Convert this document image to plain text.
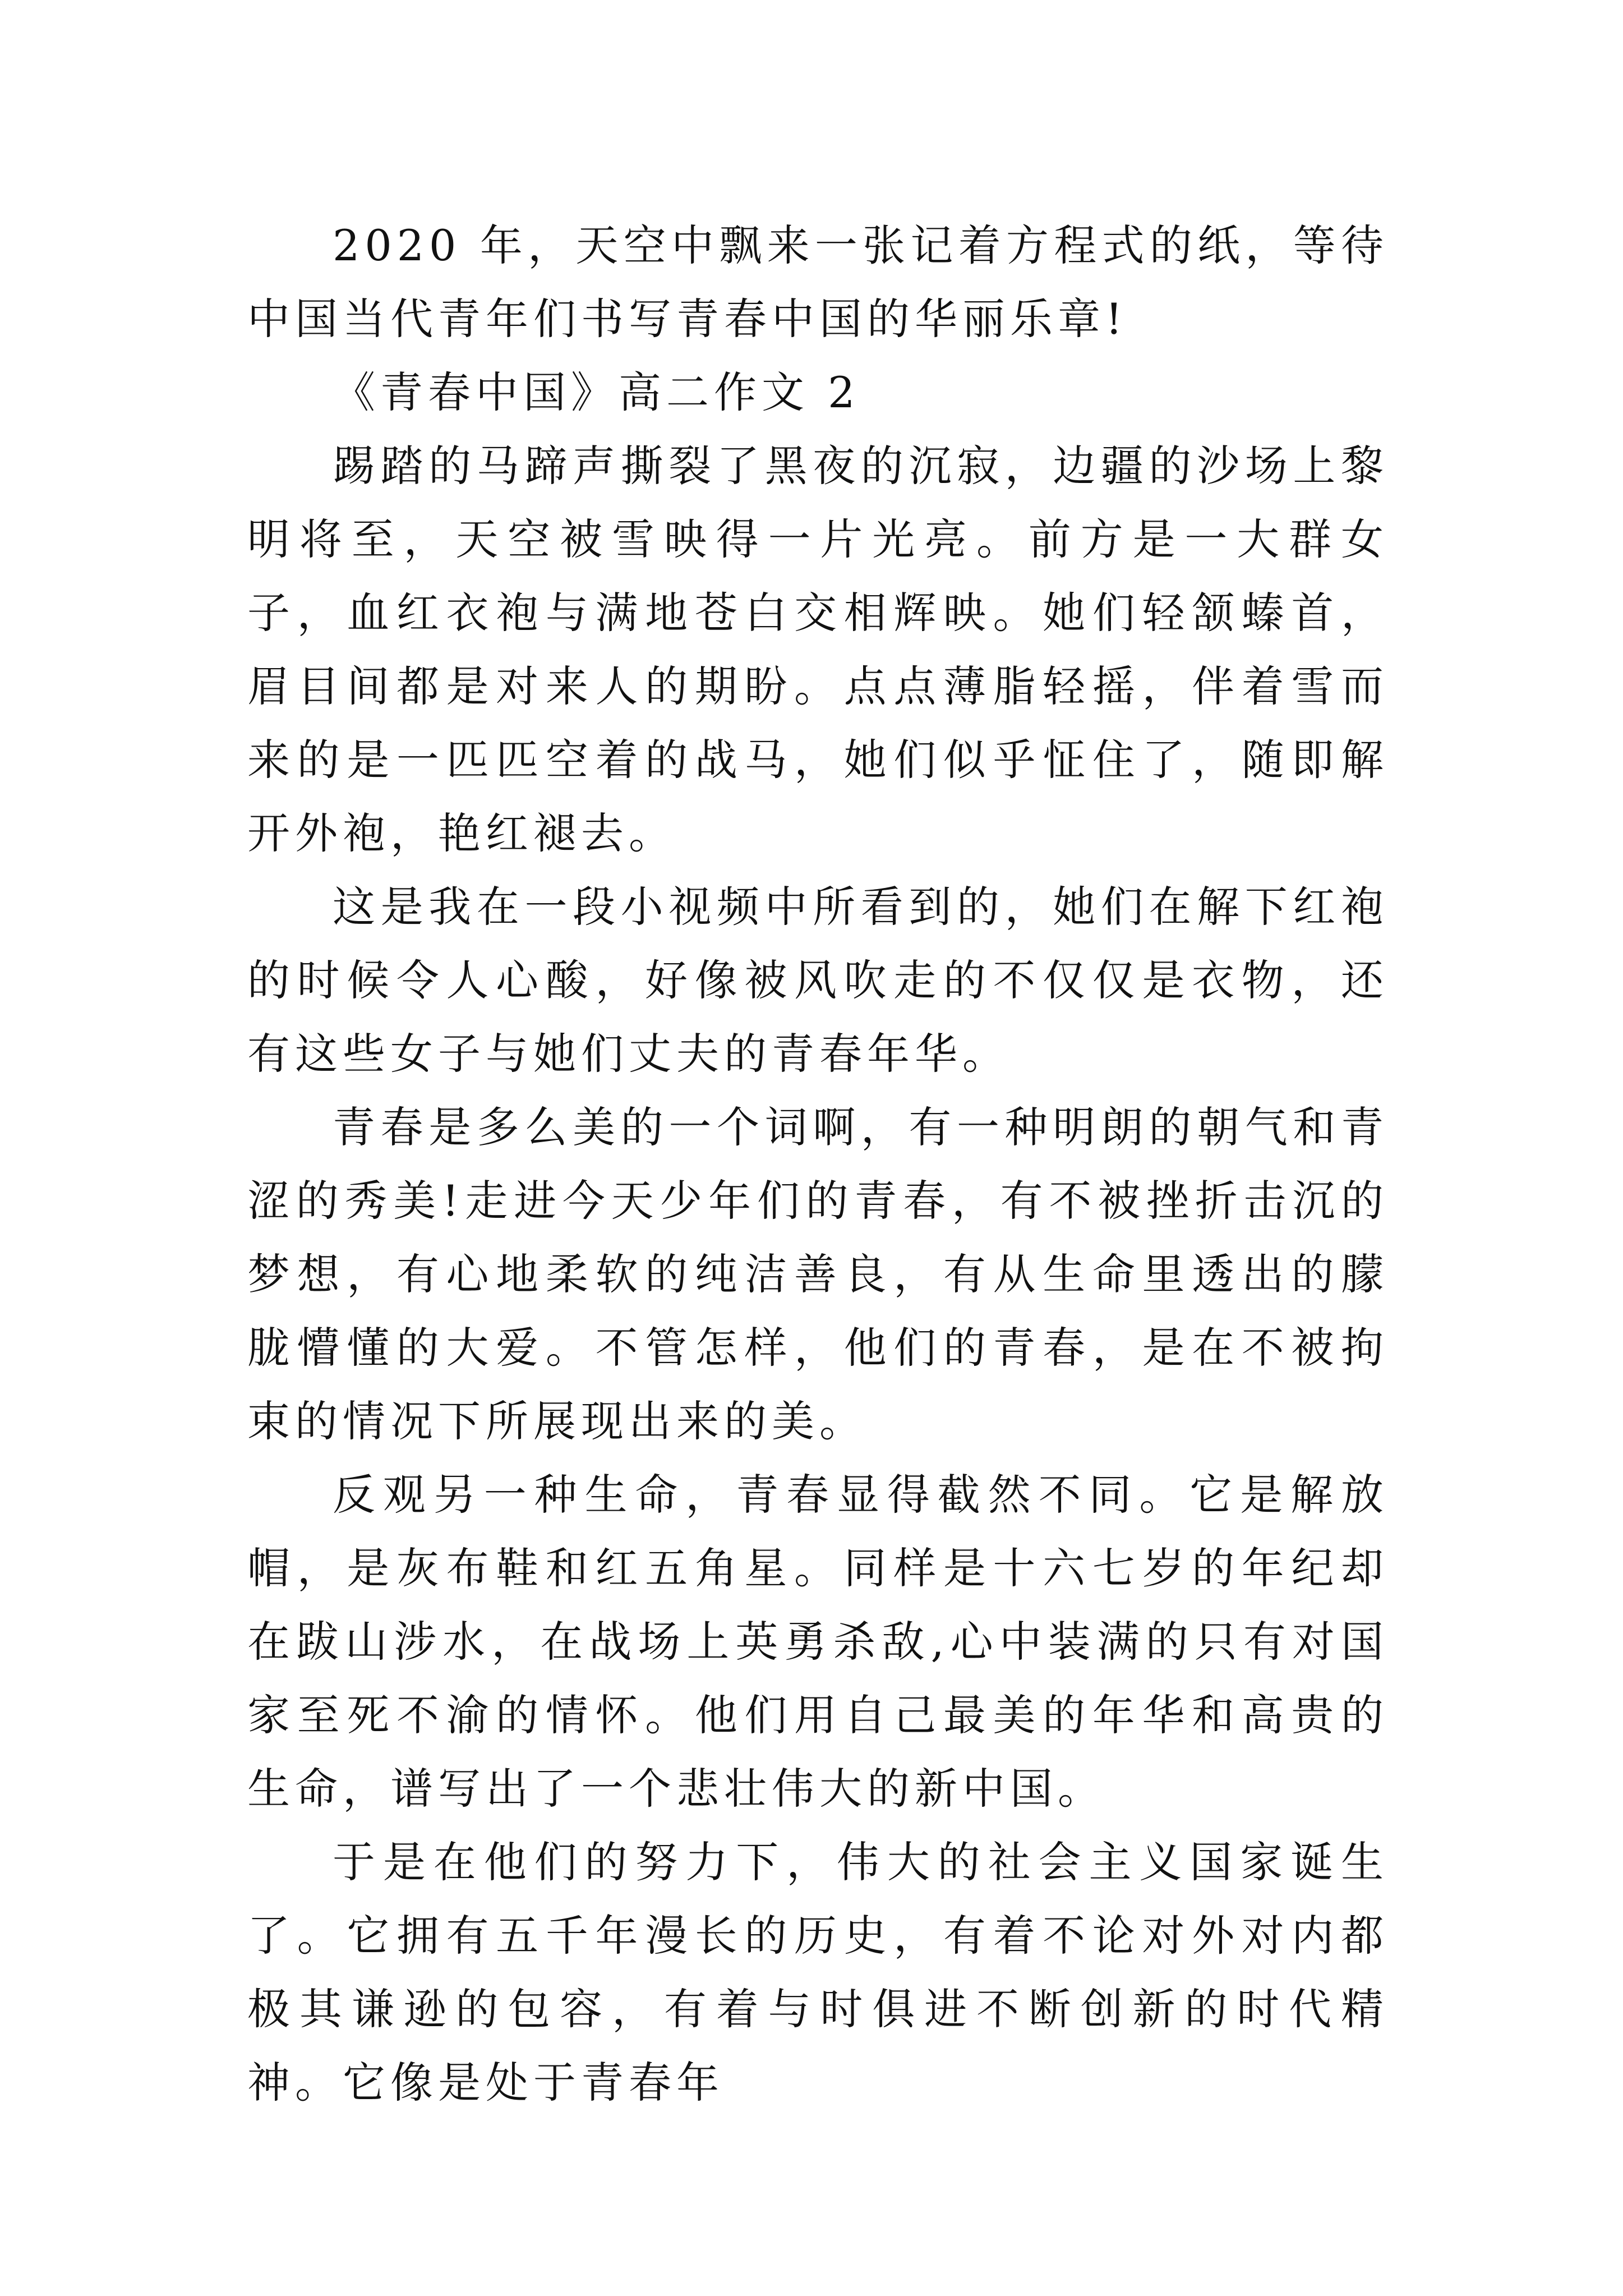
2020 年，天空中飘来一张记着方程式的纸，等待中国当代青年们书写青春中国的华丽乐章!

《青春中国》高二作文 2

踢踏的马蹄声撕裂了黑夜的沉寂，边疆的沙场上黎明将至，天空被雪映得一片光亮。前方是一大群女子，血红衣袍与满地苍白交相辉映。她们轻颔螓首，眉目间都是对来人的期盼。点点薄脂轻摇，伴着雪而来的是一匹匹空着的战马，她们似乎怔住了，随即解开外袍，艳红褪去。

这是我在一段小视频中所看到的，她们在解下红袍的时候令人心酸，好像被风吹走的不仅仅是衣物，还有这些女子与她们丈夫的青春年华。

青春是多么美的一个词啊，有一种明朗的朝气和青涩的秀美!走进今天少年们的青春，有不被挫折击沉的梦想，有心地柔软的纯洁善良，有从生命里透出的朦胧懵懂的大爱。不管怎样，他们的青春，是在不被拘束的情况下所展现出来的美。

反观另一种生命，青春显得截然不同。它是解放帽，是灰布鞋和红五角星。同样是十六七岁的年纪却在跋山涉水，在战场上英勇杀敌,心中装满的只有对国家至死不渝的情怀。他们用自己最美的年华和高贵的生命，谱写出了一个悲壮伟大的新中国。

于是在他们的努力下，伟大的社会主义国家诞生了。它拥有五千年漫长的历史，有着不论对外对内都极其谦逊的包容，有着与时俱进不断创新的时代精神。它像是处于青春年
